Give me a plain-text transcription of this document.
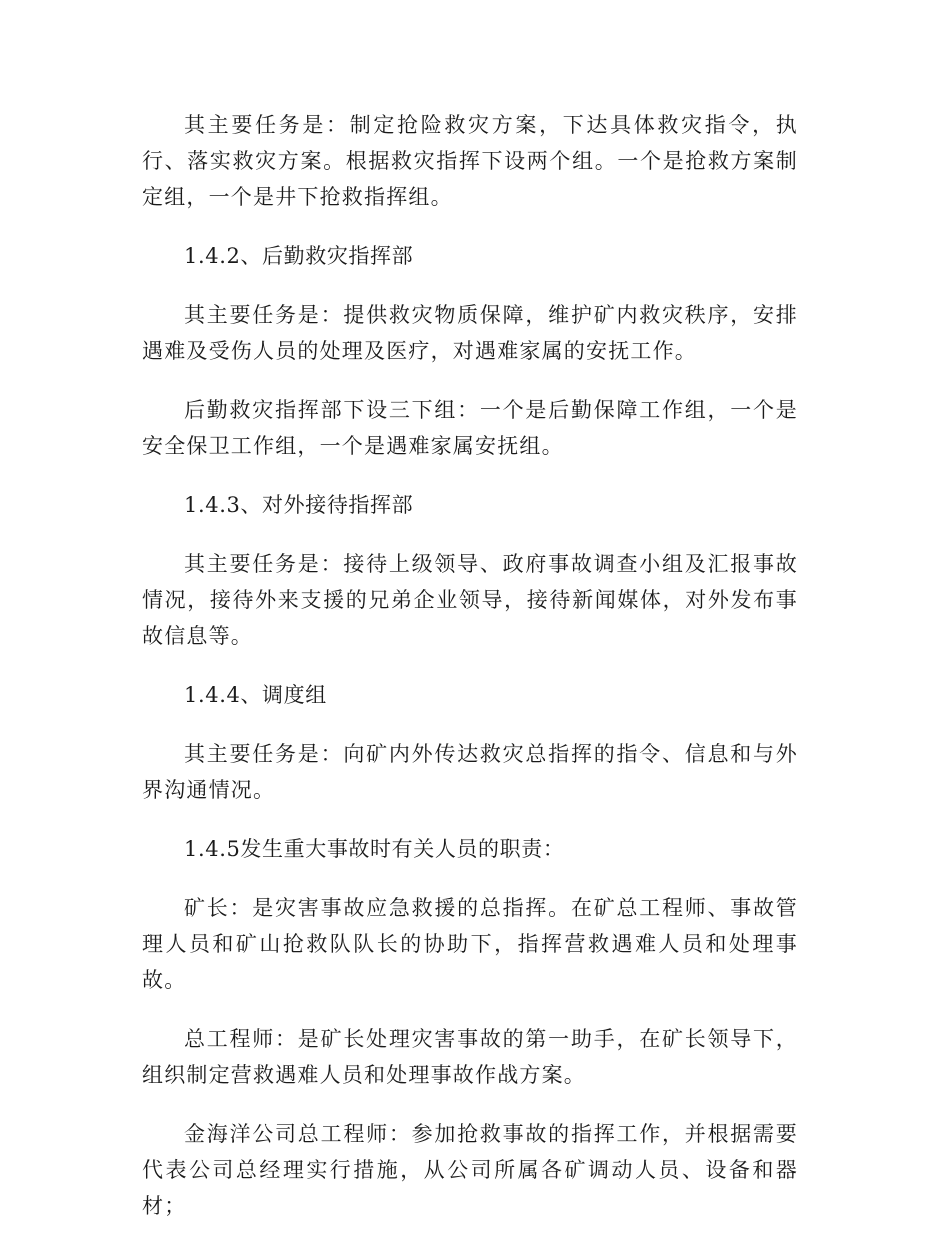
其主要任务是：制定抢险救灾方案，下达具体救灾指令，执行、落实救灾方案。根据救灾指挥下设两个组。一个是抢救方案制定组，一个是井下抢救指挥组。

1.4.2、后勤救灾指挥部

其主要任务是：提供救灾物质保障，维护矿内救灾秩序，安排遇难及受伤人员的处理及医疗，对遇难家属的安抚工作。

后勤救灾指挥部下设三下组：一个是后勤保障工作组，一个是安全保卫工作组，一个是遇难家属安抚组。

1.4.3、对外接待指挥部

其主要任务是：接待上级领导、政府事故调查小组及汇报事故情况，接待外来支援的兄弟企业领导，接待新闻媒体，对外发布事故信息等。

1.4.4、调度组

其主要任务是：向矿内外传达救灾总指挥的指令、信息和与外界沟通情况。

1.4.5发生重大事故时有关人员的职责：

矿长：是灾害事故应急救援的总指挥。在矿总工程师、事故管理人员和矿山抢救队队长的协助下，指挥营救遇难人员和处理事故。

总工程师：是矿长处理灾害事故的第一助手，在矿长领导下，组织制定营救遇难人员和处理事故作战方案。

金海洋公司总工程师：参加抢救事故的指挥工作，并根据需要代表公司总经理实行措施，从公司所属各矿调动人员、设备和器材；
